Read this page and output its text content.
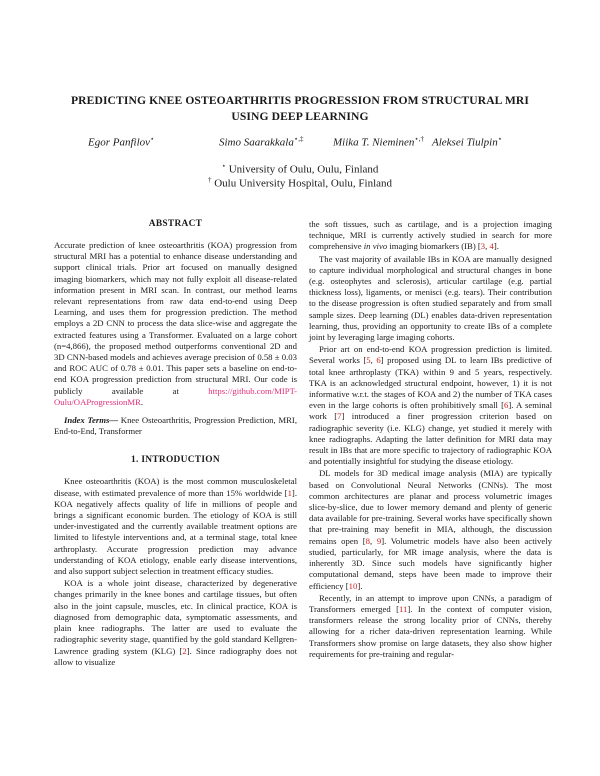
PREDICTING KNEE OSTEOARTHRITIS PROGRESSION FROM STRUCTURAL MRI USING DEEP LEARNING
Egor Panfilov⋆	Simo Saarakkala⋆,‡	Miika T. Nieminen⋆,† Aleksei Tiulpin⋆
⋆ University of Oulu, Oulu, Finland
† Oulu University Hospital, Oulu, Finland
ABSTRACT

Accurate prediction of knee osteoarthritis (KOA) progression from structural MRI has a potential to enhance disease understanding and support clinical trials. Prior art focused on manually designed imaging biomarkers, which may not fully exploit all disease-related information present in MRI scan. In contrast, our method learns relevant representations from raw data end-to-end using Deep Learning, and uses them for progression prediction. The method employs a 2D CNN to process the data slice-wise and aggregate the extracted features using a Transformer. Evaluated on a large cohort (n=4,866), the proposed method outperforms conventional 2D and 3D CNN-based models and achieves average precision of 0.58 ± 0.03 and ROC AUC of 0.78 ± 0.01. This paper sets a baseline on end-to-end KOA progression prediction from structural MRI. Our code is publicly available at https://github.com/MIPT-Oulu/OAProgressionMR.

Index Terms— Knee Osteoarthritis, Progression Prediction, MRI, End-to-End, Transformer

1. INTRODUCTION

Knee osteoarthritis (KOA) is the most common musculoskeletal disease, with estimated prevalence of more than 15% worldwide [1]. KOA negatively affects quality of life in millions of people and brings a significant economic burden. The etiology of KOA is still under-investigated and the currently available treatment options are limited to lifestyle interventions and, at a terminal stage, total knee arthroplasty. Accurate progression prediction may advance understanding of KOA etiology, enable early disease interventions, and also support subject selection in treatment efficacy studies.

KOA is a whole joint disease, characterized by degenerative changes primarily in the knee bones and cartilage tissues, but often also in the joint capsule, muscles, etc. In clinical practice, KOA is diagnosed from demographic data, symptomatic assessments, and plain knee radiographs. The latter are used to evaluate the radiographic severity stage, quantified by the gold standard Kellgren-Lawrence grading system (KLG) [2]. Since radiography does not allow to visualize

the soft tissues, such as cartilage, and is a projection imaging technique, MRI is currently actively studied in search for more comprehensive in vivo imaging biomarkers (IB) [3, 4].

The vast majority of available IBs in KOA are manually designed to capture individual morphological and structural changes in bone (e.g. osteophytes and sclerosis), articular cartilage (e.g. partial thickness loss), ligaments, or menisci (e.g. tears). Their contribution to the disease progression is often studied separately and from small sample sizes. Deep learning (DL) enables data-driven representation learning, thus, providing an opportunity to create IBs of a complete joint by leveraging large imaging cohorts.

Prior art on end-to-end KOA progression prediction is limited. Several works [5, 6] proposed using DL to learn IBs predictive of total knee arthroplasty (TKA) within 9 and 5 years, respectively. TKA is an acknowledged structural endpoint, however, 1) it is not informative w.r.t. the stages of KOA and 2) the number of TKA cases even in the large cohorts is often prohibitively small [6]. A seminal work [7] introduced a finer progression criterion based on radiographic severity (i.e. KLG) change, yet studied it merely with knee radiographs. Adapting the latter definition for MRI data may result in IBs that are more specific to trajectory of radiographic KOA and potentially insightful for studying the disease etiology.

DL models for 3D medical image analysis (MIA) are typically based on Convolutional Neural Networks (CNNs). The most common architectures are planar and process volumetric images slice-by-slice, due to lower memory demand and plenty of generic data available for pre-training. Several works have specifically shown that pre-training may benefit in MIA, although, the discussion remains open [8, 9]. Volumetric models have also been actively studied, particularly, for MR image analysis, where the data is inherently 3D. Since such models have significantly higher computational demand, steps have been made to improve their efficiency [10].

Recently, in an attempt to improve upon CNNs, a paradigm of Transformers emerged [11]. In the context of computer vision, transformers release the strong locality prior of CNNs, thereby allowing for a richer data-driven representation learning. While Transformers show promise on large datasets, they also show higher requirements for pre-training and regular-
